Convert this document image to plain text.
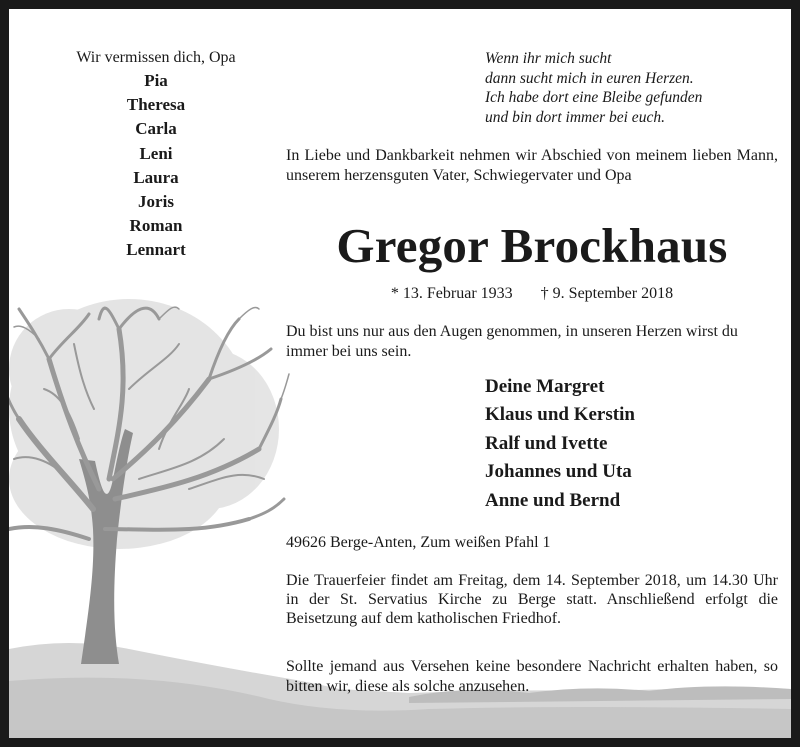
Wir vermissen dich, Opa
Pia
Theresa
Carla
Leni
Laura
Joris
Roman
Lennart
Wenn ihr mich sucht
dann sucht mich in euren Herzen.
Ich habe dort eine Bleibe gefunden
und bin dort immer bei euch.
In Liebe und Dankbarkeit nehmen wir Abschied von meinem lieben Mann, unserem herzensguten Vater, Schwiegervater und Opa
Gregor Brockhaus
* 13. Februar 1933 † 9. September 2018
Du bist uns nur aus den Augen genommen, in unseren Herzen wirst du immer bei uns sein.
Deine Margret
Klaus und Kerstin
Ralf und Ivette
Johannes und Uta
Anne und Bernd
49626 Berge-Anten, Zum weißen Pfahl 1
Die Trauerfeier findet am Freitag, dem 14. September 2018, um 14.30 Uhr in der St. Servatius Kirche zu Berge statt. Anschließend erfolgt die Beisetzung auf dem katholischen Friedhof.
Sollte jemand aus Versehen keine besondere Nachricht erhalten haben, so bitten wir, diese als solche anzusehen.
